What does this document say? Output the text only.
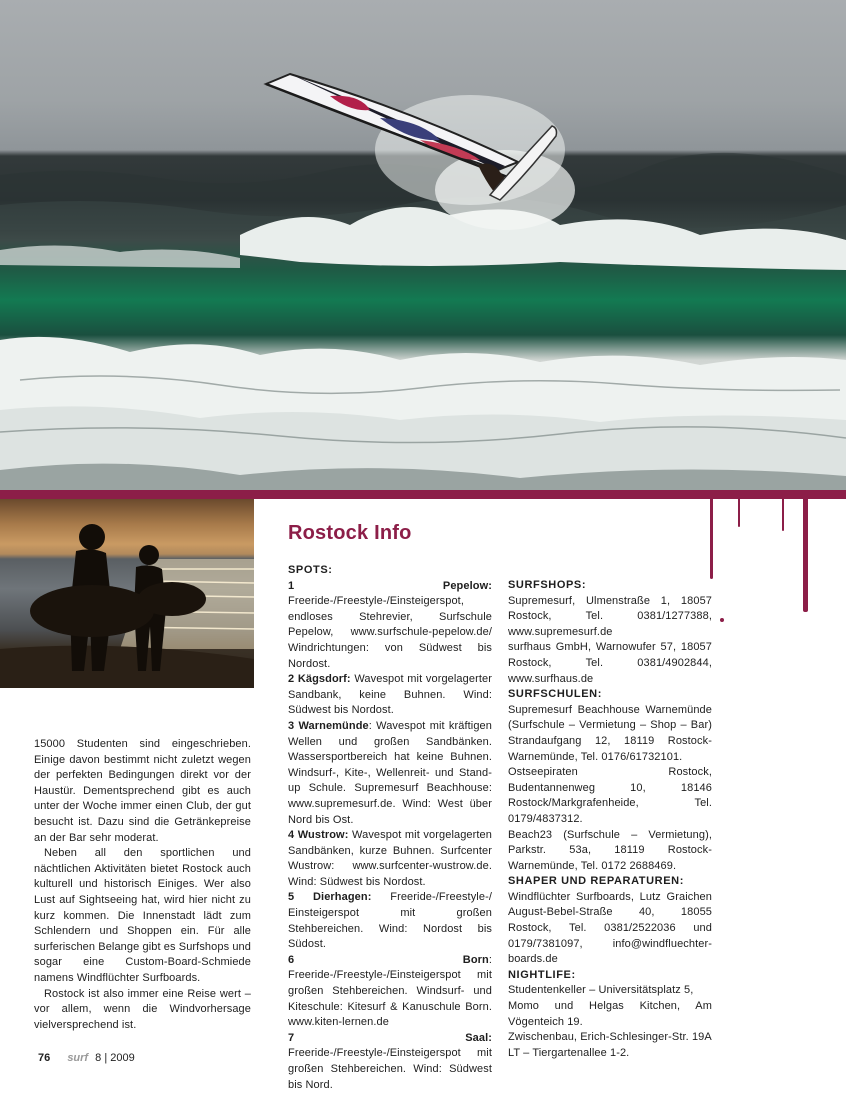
15000 Studenten sind eingeschrieben. Einige davon bestimmt nicht zuletzt wegen der perfekten Bedingungen direkt vor der Haustür. Dementsprechend gibt es auch unter der Woche immer einen Club, der gut besucht ist. Dazu sind die Getränkepreise an der Bar sehr moderat.

Neben all den sportlichen und nächtlichen Aktivitäten bietet Rostock auch kulturell und historisch Einiges. Wer also Lust auf Sightseeing hat, wird hier nicht zu kurz kommen. Die Innenstadt lädt zum Schlendern und Shoppen ein. Für alle surferischen Belange gibt es Surfshops und sogar eine Custom-Board-Schmiede namens Windflüchter Surfboards.

Rostock ist also immer eine Reise wert – vor allem, wenn die Windvorhersage vielversprechend ist.

Rostock Info
SPOTS:

1 Pepelow: Freeride-/Freestyle-/Einsteigerspot, endloses Stehrevier, Surfschule Pepelow, www.surfschule-pepelow.de/ Windrichtungen: von Südwest bis Nordost.

2 Kägsdorf: Wavespot mit vorgelagerter Sandbank, keine Buhnen. Wind: Südwest bis Nordost.

3 Warnemünde: Wavespot mit kräftigen Wellen und großen Sandbänken. Wassersportbereich hat keine Buhnen. Windsurf-, Kite-, Wellenreit- und Stand-up Schule. Supremesurf Beachhouse: www.supremesurf.de. Wind: West über Nord bis Ost.

4 Wustrow: Wavespot mit vorgelagerten Sandbänken, kurze Buhnen. Surfcenter Wustrow: www.surfcenter-wustrow.de. Wind: Südwest bis Nordost.

5 Dierhagen: Freeride-/Freestyle-/ Einsteigerspot mit großen Stehbereichen. Wind: Nordost bis Südost.

6 Born: Freeride-/Freestyle-/Einsteigerspot mit großen Stehbereichen. Windsurf- und Kiteschule: Kitesurf & Kanuschule Born. www.kiten-lernen.de

7 Saal: Freeride-/Freestyle-/Einsteigerspot mit großen Stehbereichen. Wind: Südwest bis Nord.

SURFSHOPS:

Supremesurf, Ulmenstraße 1, 18057 Rostock, Tel. 0381/1277388, www.supremesurf.de

surfhaus GmbH, Warnowufer 57, 18057 Rostock, Tel. 0381/4902844, www.surfhaus.de

SURFSCHULEN:

Supremesurf Beachhouse Warnemünde (Surfschule – Vermietung – Shop – Bar) Strandaufgang 12, 18119 Rostock-Warnemünde, Tel. 0176/61732101.

Ostseepiraten Rostock, Budentannenweg 10, 18146 Rostock/Markgrafenheide, Tel. 0179/4837312.

Beach23 (Surfschule – Vermietung), Parkstr. 53a, 18119 Rostock-Warnemünde, Tel. 0172 2688469.

SHAPER UND REPARATUREN:

Windflüchter Surfboards, Lutz Graichen August-Bebel-Straße 40, 18055 Rostock, Tel. 0381/2522036 und 0179/7381097, info@windfluechter-boards.de

NIGHTLIFE:

Studentenkeller – Universitätsplatz 5,

Momo und Helgas Kitchen, Am Vögenteich 19.

Zwischenbau, Erich-Schlesinger-Str. 19A

LT – Tiergartenallee 1-2.

76 surf 8 | 2009
